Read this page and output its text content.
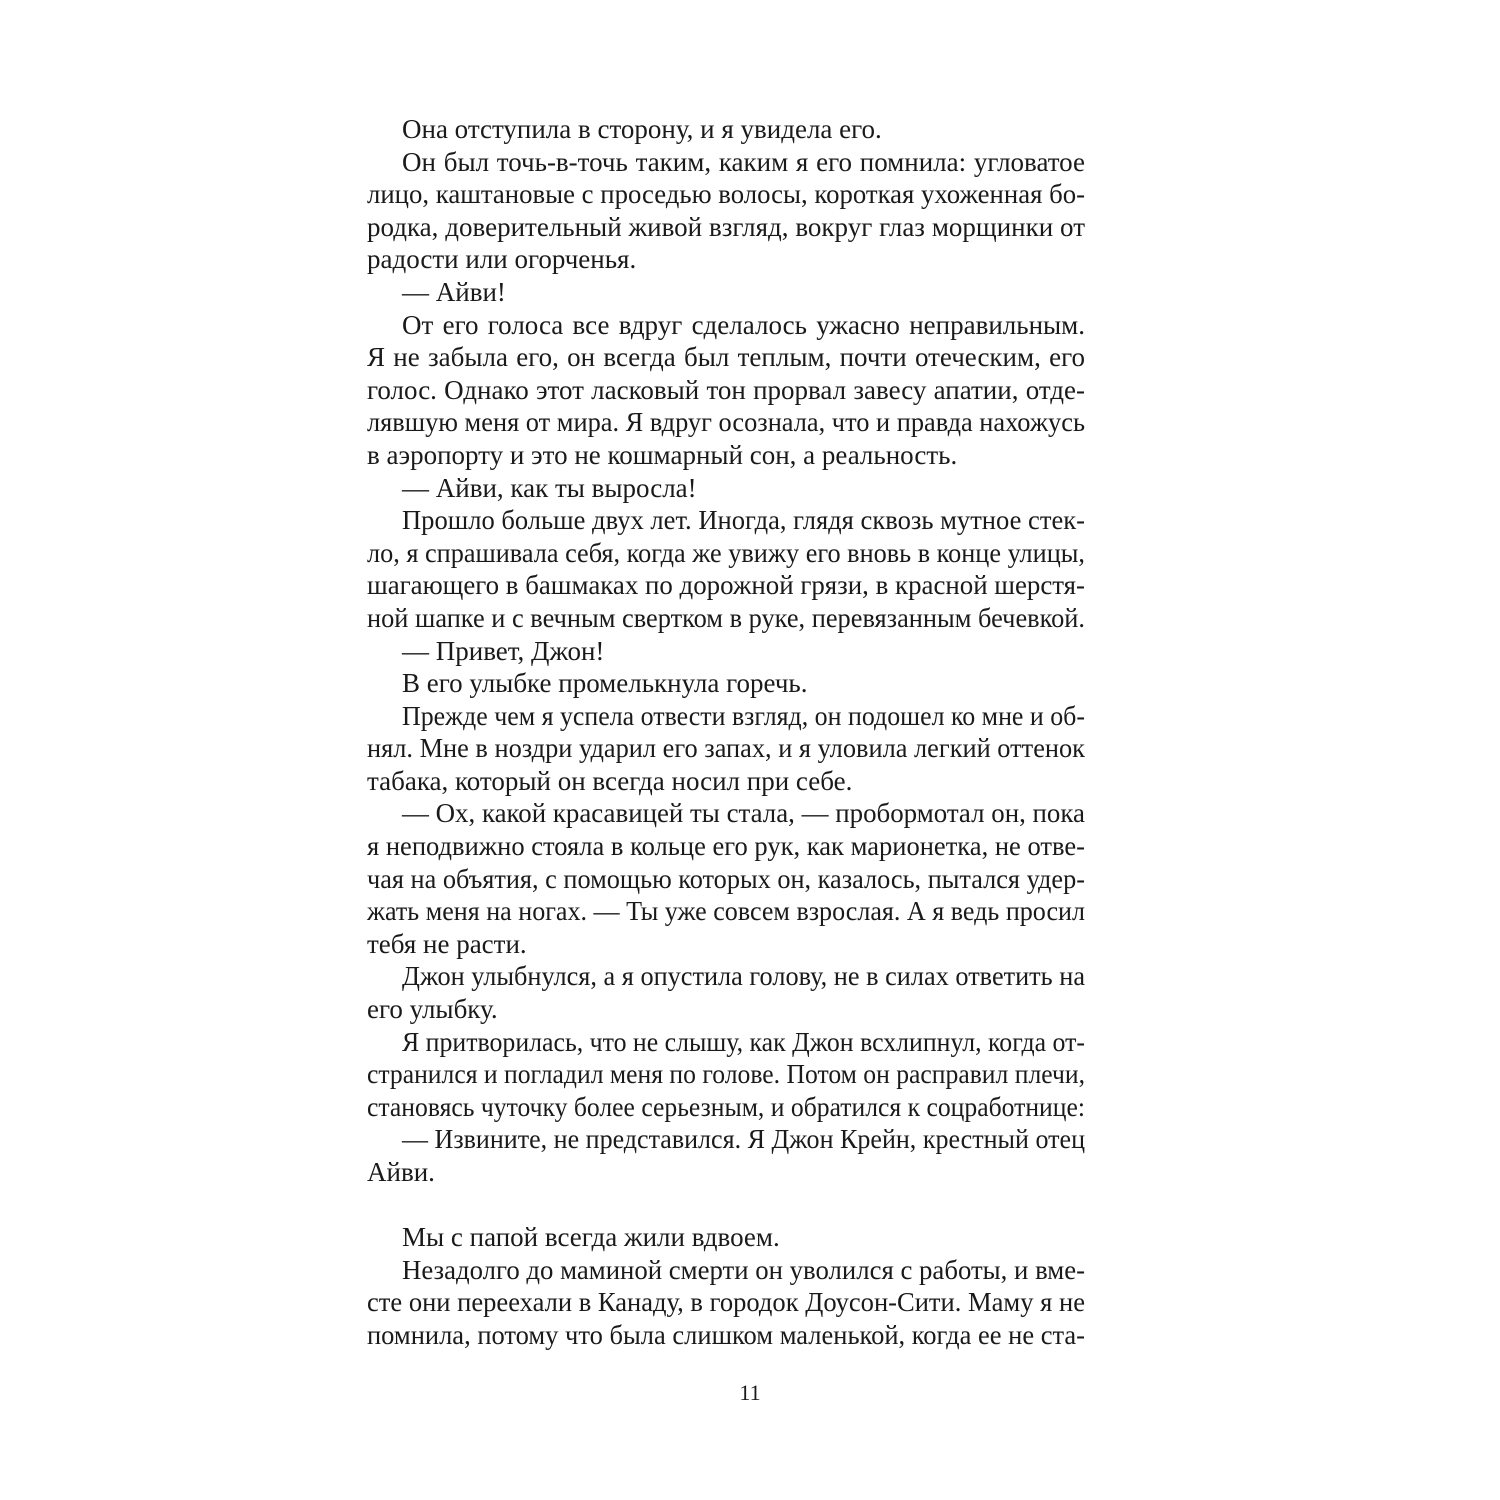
Она отступила в сторону, и я увидела его.
Он был точь-в-точь таким, каким я его помнила: угловатое
лицо, каштановые с проседью волосы, короткая ухоженная бо-
родка, доверительный живой взгляд, вокруг глаз морщинки от
радости или огорченья.
— Айви!
От его голоса все вдруг сделалось ужасно неправильным.
Я не забыла его, он всегда был теплым, почти отеческим, его
голос. Однако этот ласковый тон прорвал завесу апатии, отде-
лявшую меня от мира. Я вдруг осознала, что и правда нахожусь
в аэропорту и это не кошмарный сон, а реальность.
— Айви, как ты выросла!
Прошло больше двух лет. Иногда, глядя сквозь мутное стек-
ло, я спрашивала себя, когда же увижу его вновь в конце улицы,
шагающего в башмаках по дорожной грязи, в красной шерстя-
ной шапке и с вечным свертком в руке, перевязанным бечевкой.
— Привет, Джон!
В его улыбке промелькнула горечь.
Прежде чем я успела отвести взгляд, он подошел ко мне и об-
нял. Мне в ноздри ударил его запах, и я уловила легкий оттенок
табака, который он всегда носил при себе.
— Ох, какой красавицей ты стала, — пробормотал он, пока
я неподвижно стояла в кольце его рук, как марионетка, не отве-
чая на объятия, с помощью которых он, казалось, пытался удер-
жать меня на ногах. — Ты уже совсем взрослая. А я ведь просил
тебя не расти.
Джон улыбнулся, а я опустила голову, не в силах ответить на
его улыбку.
Я притворилась, что не слышу, как Джон всхлипнул, когда от-
странился и погладил меня по голове. Потом он расправил плечи,
становясь чуточку более серьезным, и обратился к соцработнице:
— Извините, не представился. Я Джон Крейн, крестный отец
Айви.
Мы с папой всегда жили вдвоем.
Незадолго до маминой смерти он уволился с работы, и вме-
сте они переехали в Канаду, в городок Доусон-Сити. Маму я не
помнила, потому что была слишком маленькой, когда ее не ста-
11
